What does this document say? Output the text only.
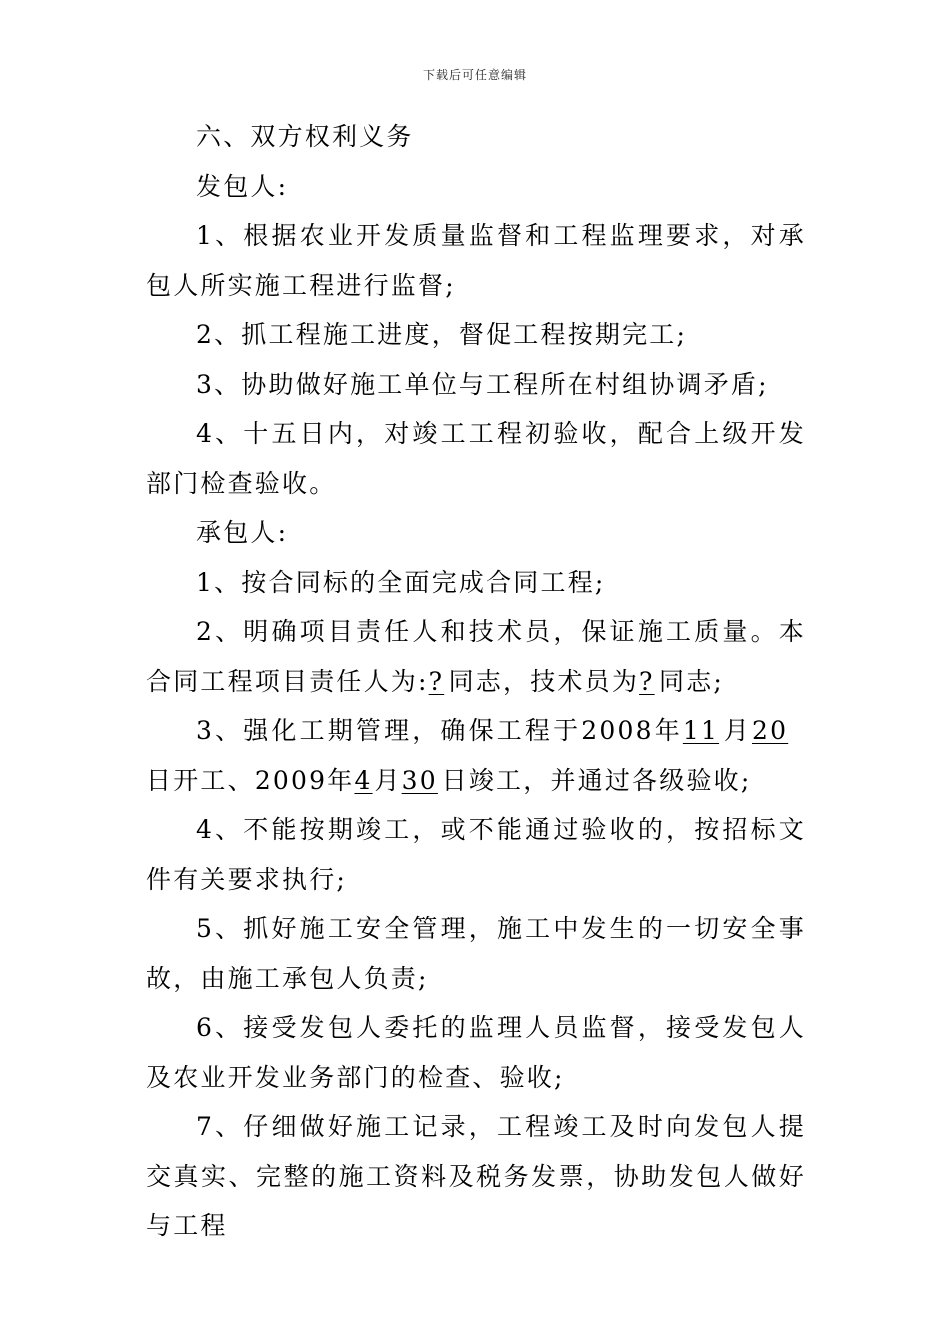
下载后可任意编辑

六、双方权利义务

发包人:

1、根据农业开发质量监督和工程监理要求，对承包人所实施工程进行监督;

2、抓工程施工进度，督促工程按期完工;

3、协助做好施工单位与工程所在村组协调矛盾;

4、十五日内，对竣工工程初验收，配合上级开发部门检查验收。

承包人:

1、按合同标的全面完成合同工程;

2、明确项目责任人和技术员，保证施工质量。本合同工程项目责任人为:? 同志，技术员为? 同志;

3、强化工期管理，确保工程于2008年11 月20日开工、2009年4月30 日竣工，并通过各级验收;

4、不能按期竣工，或不能通过验收的，按招标文件有关要求执行;

5、抓好施工安全管理，施工中发生的一切安全事故，由施工承包人负责;

6、接受发包人委托的监理人员监督，接受发包人及农业开发业务部门的检查、验收;

7、仔细做好施工记录，工程竣工及时向发包人提交真实、完整的施工资料及税务发票，协助发包人做好与工程
